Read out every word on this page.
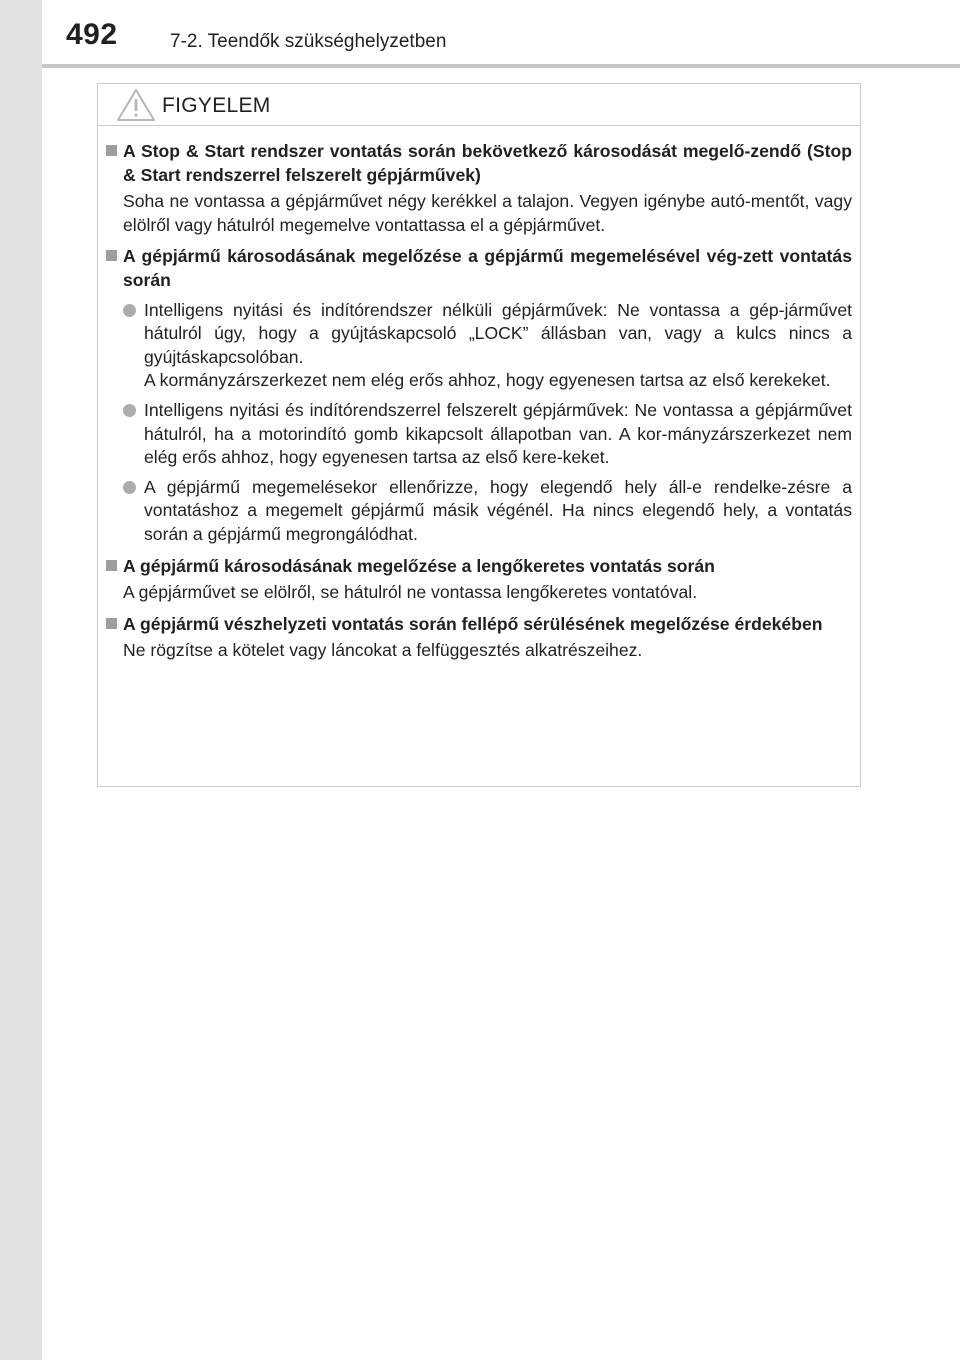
492	7-2. Teendők szükséghelyzetben
FIGYELEM
A Stop & Start rendszer vontatás során bekövetkező károsodását megelő-zendő (Stop & Start rendszerrel felszerelt gépjárművek)
Soha ne vontassa a gépjárművet négy kerékkel a talajon. Vegyen igénybe autó-mentőt, vagy elölről vagy hátulról megemelve vontattassa el a gépjárművet.
A gépjármű károsodásának megelőzése a gépjármű megemelésével vég-zett vontatás során

Intelligens nyitási és indítórendszer nélküli gépjárművek: Ne vontassa a gép-járművet hátulról úgy, hogy a gyújtáskapcsoló „LOCK” állásban van, vagy a kulcs nincs a gyújtáskapcsolóban.

A kormányzárszerkezet nem elég erős ahhoz, hogy egyenesen tartsa az első kerekeket.

Intelligens nyitási és indítórendszerrel felszerelt gépjárművek: Ne vontassa a gépjárművet hátulról, ha a motorindító gomb kikapcsolt állapotban van. A kor-mányzárszerkezet nem elég erős ahhoz, hogy egyenesen tartsa az első kere-keket.

A gépjármű megemelésekor ellenőrizze, hogy elegendő hely áll-e rendelke-zésre a vontatáshoz a megemelt gépjármű másik végénél. Ha nincs elegendő hely, a vontatás során a gépjármű megrongálódhat.

A gépjármű károsodásának megelőzése a lengőkeretes vontatás során
A gépjárművet se elölről, se hátulról ne vontassa lengőkeretes vontatóval.
A gépjármű vészhelyzeti vontatás során fellépő sérülésének megelőzése érdekében
Ne rögzítse a kötelet vagy láncokat a felfüggesztés alkatrészeihez.
